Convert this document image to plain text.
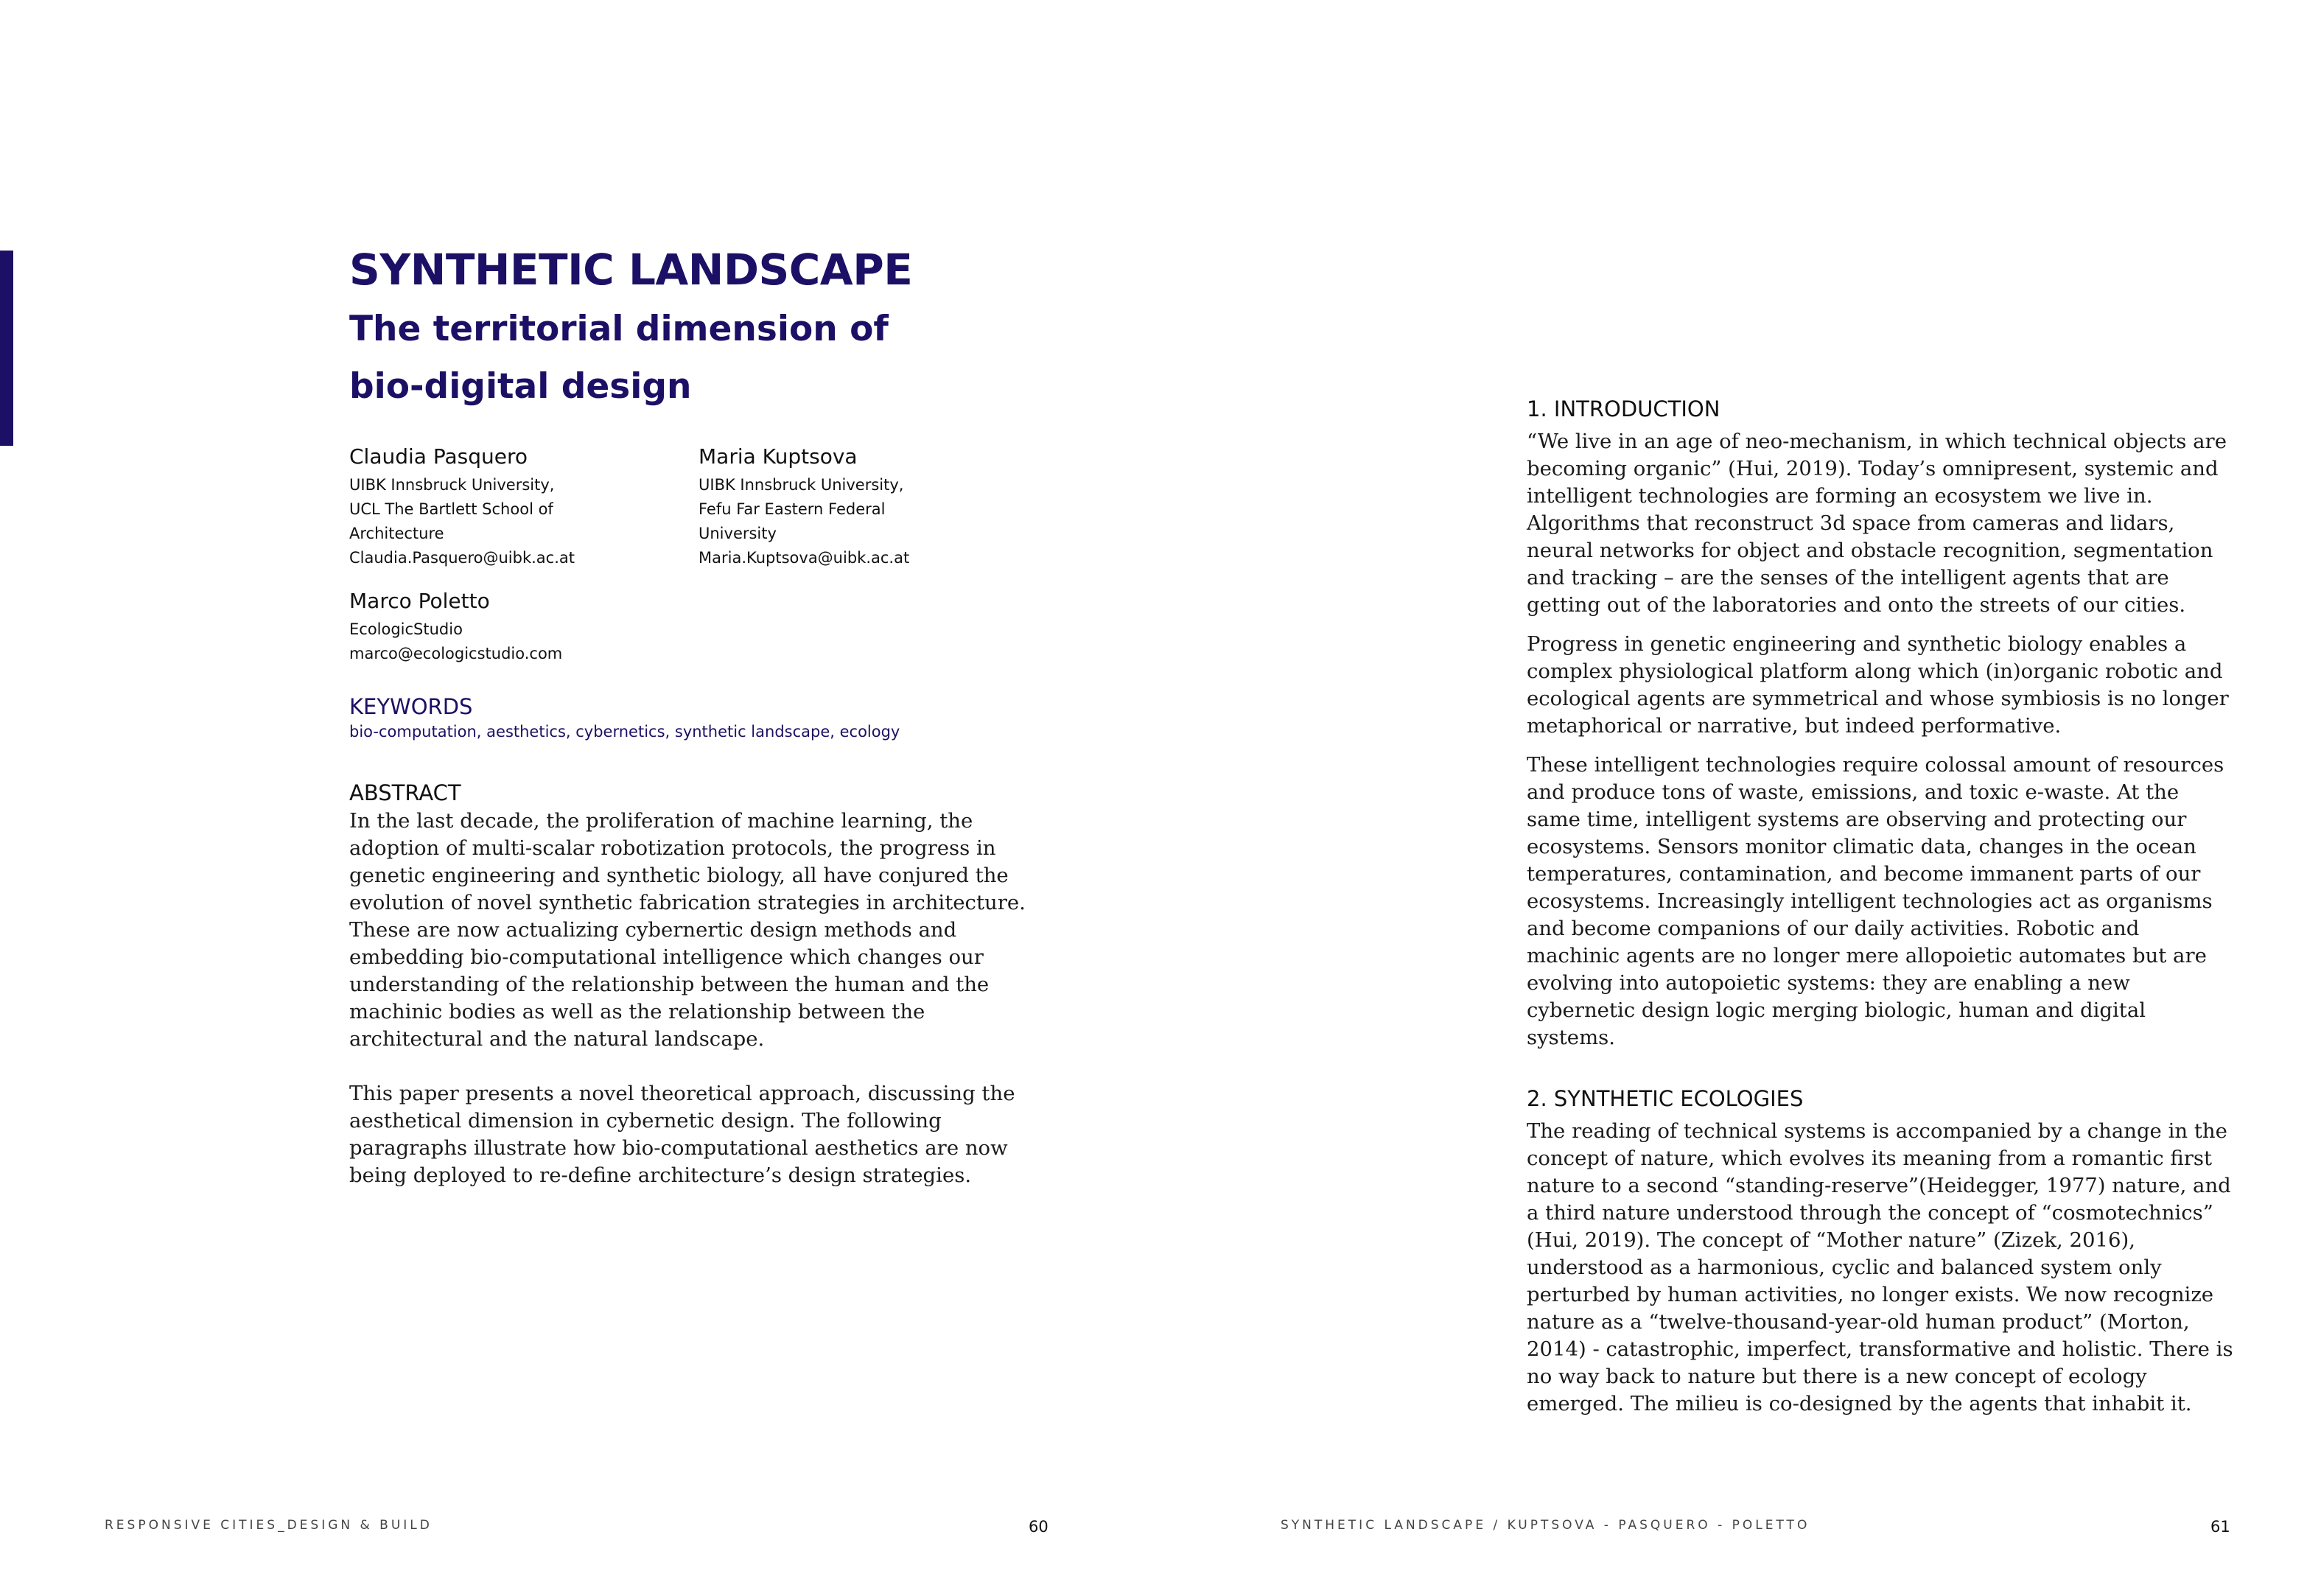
SYNTHETIC LANDSCAPE
The territorial dimension of bio-digital design
Claudia Pasquero
UIBK Innsbruck University,
UCL The Bartlett School of
Architecture
Claudia.Pasquero@uibk.ac.at
Maria Kuptsova
UIBK Innsbruck University,
Fefu Far Eastern Federal
University
Maria.Kuptsova@uibk.ac.at
Marco Poletto
EcologicStudio
marco@ecologicstudio.com
KEYWORDS
bio-computation, aesthetics, cybernetics, synthetic landscape, ecology
ABSTRACT

In the last decade, the proliferation of machine learning, the adoption of multi-scalar robotization protocols, the progress in genetic engineering and synthetic biology, all have conjured the evolution of novel synthetic fabrication strategies in architecture. These are now actualizing cybernertic design methods and embedding bio-computational intelligence which changes our understanding of the relationship between the human and the machinic bodies as well as the relationship between the architectural and the natural landscape.

This paper presents a novel theoretical approach, discussing the aesthetical dimension in cybernetic design. The following paragraphs illustrate how bio-computational aesthetics are now being deployed to re-define architecture’s design strategies.

1. INTRODUCTION

“We live in an age of neo-mechanism, in which technical objects are becoming organic” (Hui, 2019). Today’s omnipresent, systemic and intelligent technologies are forming an ecosystem we live in. Algorithms that reconstruct 3d space from cameras and lidars, neural networks for object and obstacle recognition, segmentation and tracking – are the senses of the intelligent agents that are getting out of the laboratories and onto the streets of our cities.

Progress in genetic engineering and synthetic biology enables a complex physiological platform along which (in)organic robotic and ecological agents are symmetrical and whose symbiosis is no longer metaphorical or narrative, but indeed performative.

These intelligent technologies require colossal amount of resources and produce tons of waste, emissions, and toxic e-waste. At the same time, intelligent systems are observing and protecting our ecosystems. Sensors monitor climatic data, changes in the ocean temperatures, contamination, and become immanent parts of our ecosystems. Increasingly intelligent technologies act as organisms and become companions of our daily activities. Robotic and machinic agents are no longer mere allopoietic automates but are evolving into autopoietic systems: they are enabling a new cybernetic design logic merging biologic, human and digital systems.

2. SYNTHETIC ECOLOGIES

The reading of technical systems is accompanied by a change in the concept of nature, which evolves its meaning from a romantic first nature to a second “standing-reserve”(Heidegger, 1977) nature, and a third nature understood through the concept of “cosmotechnics” (Hui, 2019). The concept of “Mother nature” (Zizek, 2016), understood as a harmonious, cyclic and balanced system only perturbed by human activities, no longer exists. We now recognize nature as a “twelve-thousand-year-old human product” (Morton, 2014) - catastrophic, imperfect, transformative and holistic. There is no way back to nature but there is a new concept of ecology emerged. The milieu is co-designed by the agents that inhabit it.

RESPONSIVE CITIES_DESIGN & BUILD	60	SYNTHETIC LANDSCAPE / KUPTSOVA - PASQUERO - POLETTO	61
